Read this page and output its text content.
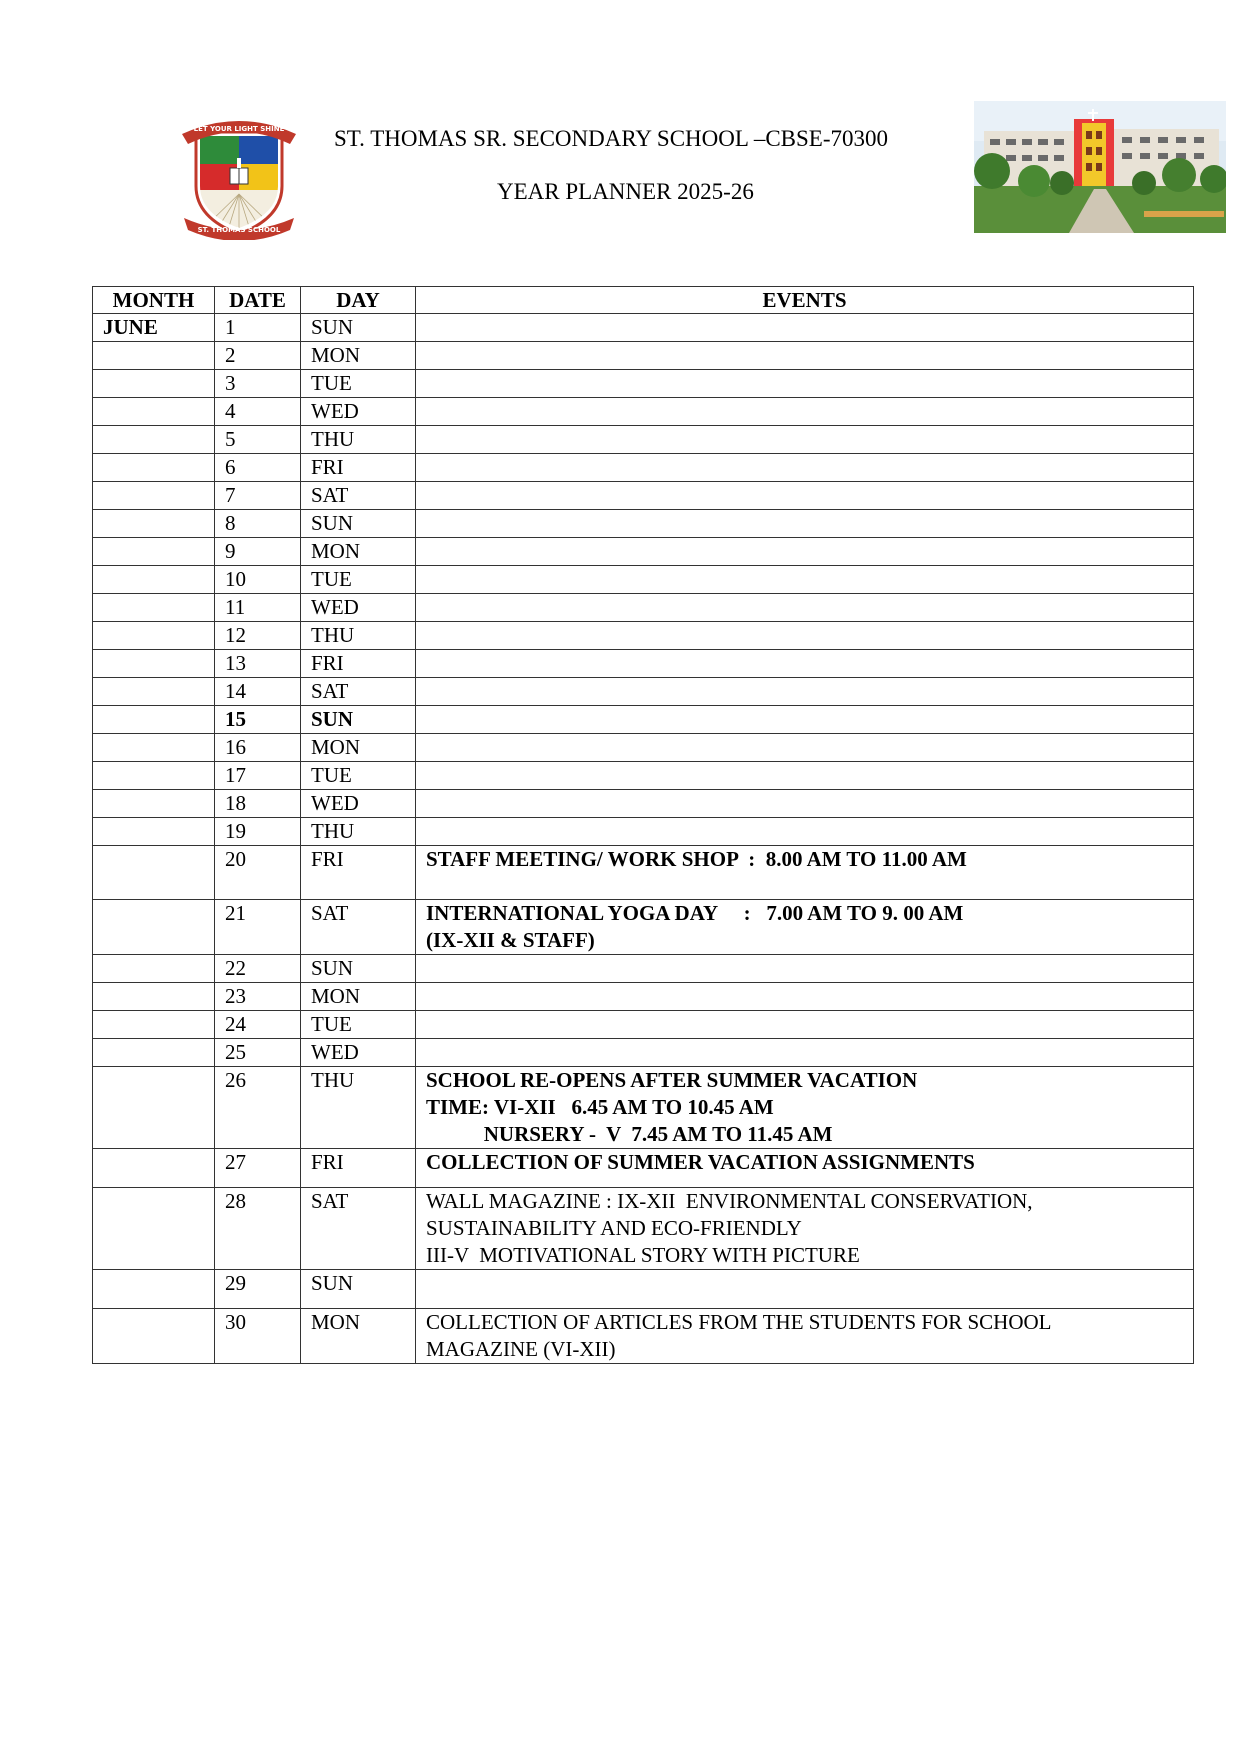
LET YOUR LIGHT SHINE
ST. THOMAS SCHOOL
ST. THOMAS SR. SECONDARY SCHOOL –CBSE-70300
YEAR PLANNER 2025-26
MONTH	DATE	DAY	EVENTS
JUNE	1	SUN	
	2	MON	
	3	TUE	
	4	WED	
	5	THU	
	6	FRI	
	7	SAT	
	8	SUN	
	9	MON	
	10	TUE	
	11	WED	
	12	THU	
	13	FRI	
	14	SAT	
	15	SUN	
	16	MON	
	17	TUE	
	18	WED	
	19	THU	
	20	FRI	STAFF MEETING/ WORK SHOP  :  8.00 AM TO 11.00 AM

	21	SAT	INTERNATIONAL YOGA DAY     :   7.00 AM TO 9. 00 AM
(IX-XII & STAFF)

	22	SUN	
	23	MON	
	24	TUE	
	25	WED	
	26	THU	SCHOOL RE-OPENS AFTER SUMMER VACATION
TIME: VI-XII   6.45 AM TO 10.45 AM
NURSERY -  V  7.45 AM TO 11.45 AM

	27	FRI	COLLECTION OF SUMMER VACATION ASSIGNMENTS

	28	SAT	WALL MAGAZINE : IX-XII  ENVIRONMENTAL CONSERVATION,
SUSTAINABILITY AND ECO-FRIENDLY
III-V  MOTIVATIONAL STORY WITH PICTURE

	29	SUN	
	30	MON	COLLECTION OF ARTICLES FROM THE STUDENTS FOR SCHOOL
MAGAZINE (VI-XII)
